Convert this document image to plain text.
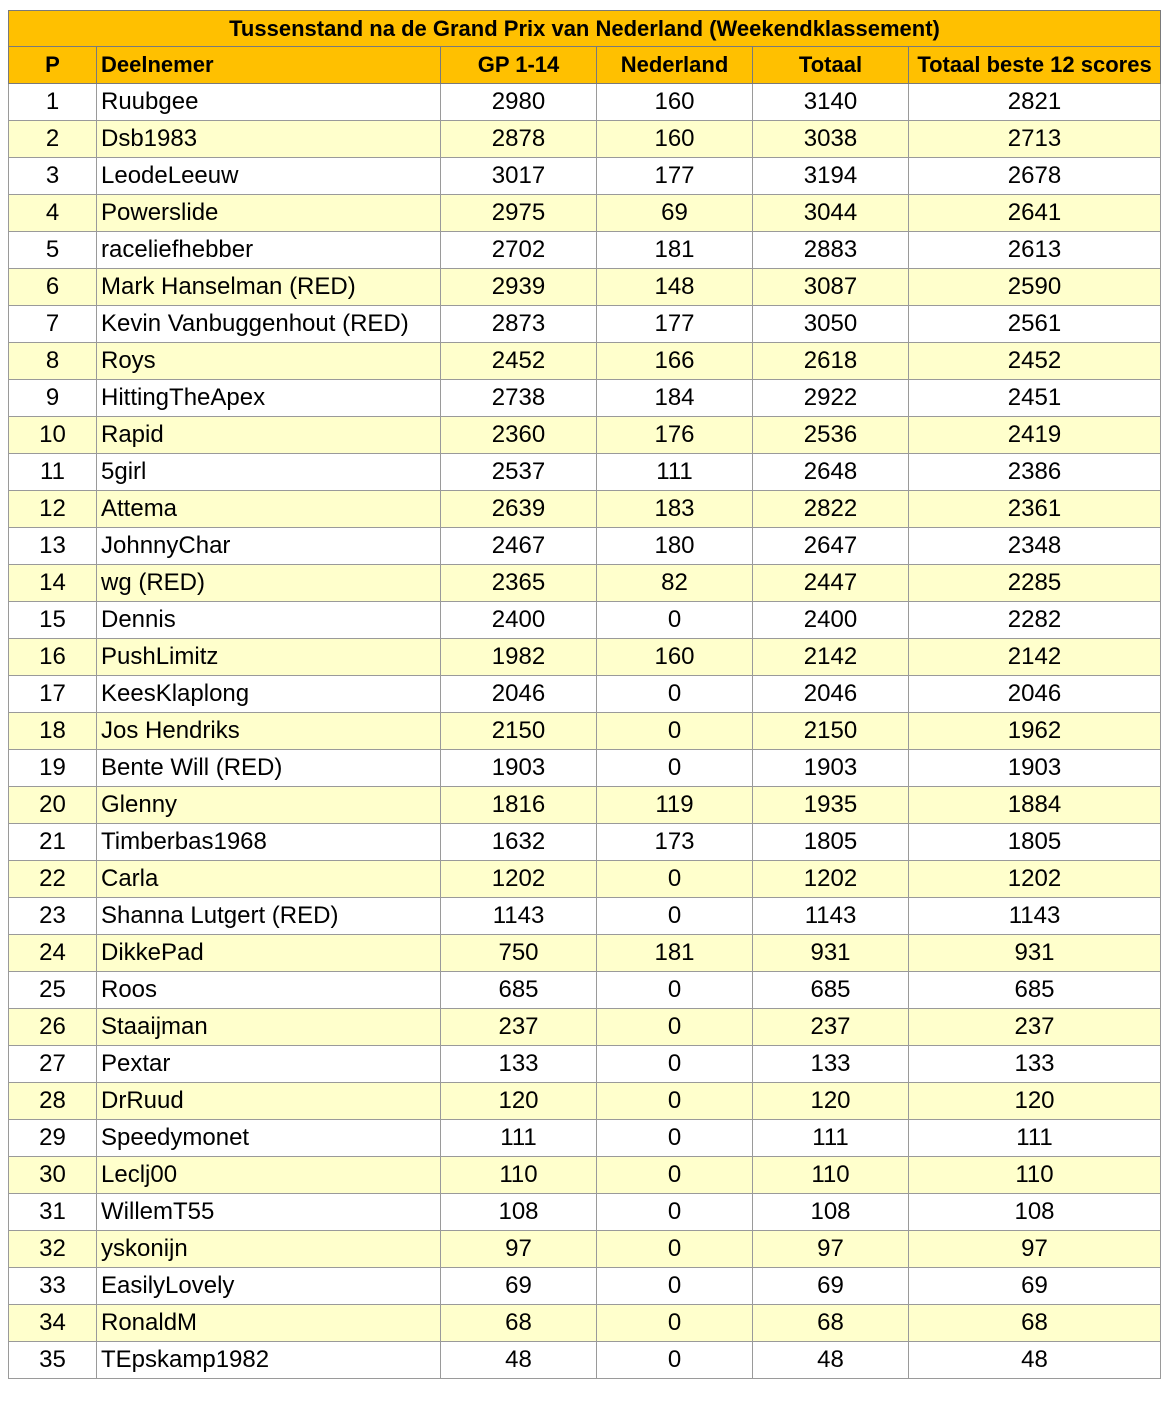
Tussenstand na de Grand Prix van Nederland (Weekendklassement)					
P	Deelnemer	GP 1-14	Nederland	Totaal	Totaal beste 12 scores
1	Ruubgee	2980	160	3140	2821
2	Dsb1983	2878	160	3038	2713
3	LeodeLeeuw	3017	177	3194	2678
4	Powerslide	2975	69	3044	2641
5	raceliefhebber	2702	181	2883	2613
6	Mark Hanselman (RED)	2939	148	3087	2590
7	Kevin Vanbuggenhout (RED)	2873	177	3050	2561
8	Roys	2452	166	2618	2452
9	HittingTheApex	2738	184	2922	2451
10	Rapid	2360	176	2536	2419
11	5girl	2537	111	2648	2386
12	Attema	2639	183	2822	2361
13	JohnnyChar	2467	180	2647	2348
14	wg (RED)	2365	82	2447	2285
15	Dennis	2400	0	2400	2282
16	PushLimitz	1982	160	2142	2142
17	KeesKlaplong	2046	0	2046	2046
18	Jos Hendriks	2150	0	2150	1962
19	Bente Will (RED)	1903	0	1903	1903
20	Glenny	1816	119	1935	1884
21	Timberbas1968	1632	173	1805	1805
22	Carla	1202	0	1202	1202
23	Shanna Lutgert (RED)	1143	0	1143	1143
24	DikkePad	750	181	931	931
25	Roos	685	0	685	685
26	Staaijman	237	0	237	237
27	Pextar	133	0	133	133
28	DrRuud	120	0	120	120
29	Speedymonet	111	0	111	111
30	Leclj00	110	0	110	110
31	WillemT55	108	0	108	108
32	yskonijn	97	0	97	97
33	EasilyLovely	69	0	69	69
34	RonaldM	68	0	68	68
35	TEpskamp1982	48	0	48	48
